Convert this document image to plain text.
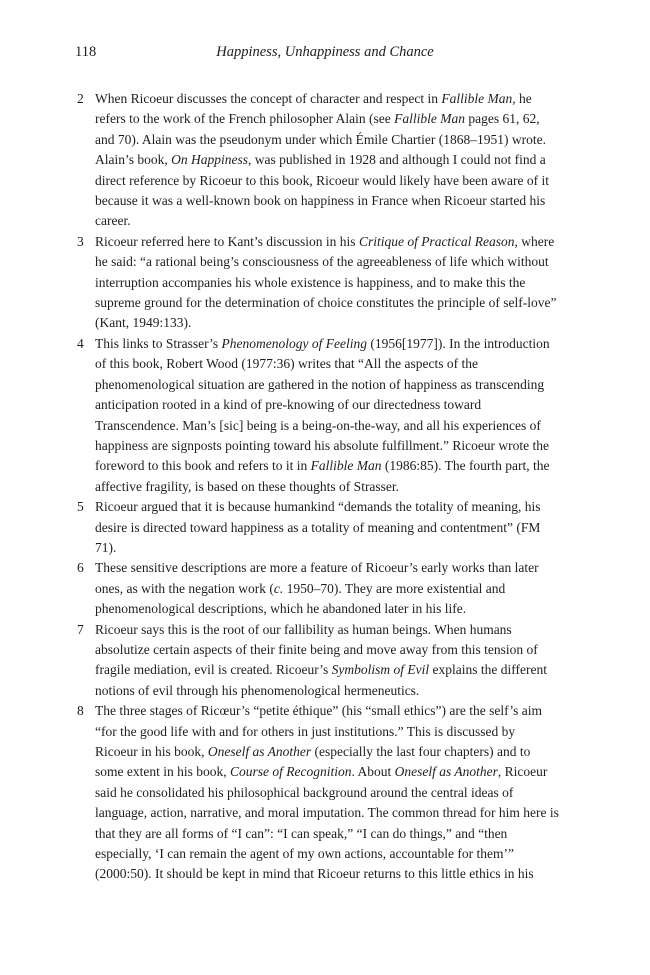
118	Happiness, Unhappiness and Chance
2 When Ricoeur discusses the concept of character and respect in Fallible Man, he refers to the work of the French philosopher Alain (see Fallible Man pages 61, 62, and 70). Alain was the pseudonym under which Émile Chartier (1868–1951) wrote. Alain’s book, On Happiness, was published in 1928 and although I could not find a direct reference by Ricoeur to this book, Ricoeur would likely have been aware of it because it was a well-known book on happiness in France when Ricoeur started his career.
3 Ricoeur referred here to Kant’s discussion in his Critique of Practical Reason, where he said: “a rational being’s consciousness of the agreeableness of life which without interruption accompanies his whole existence is happiness, and to make this the supreme ground for the determination of choice constitutes the principle of self-love” (Kant, 1949:133).
4 This links to Strasser’s Phenomenology of Feeling (1956[1977]). In the introduction of this book, Robert Wood (1977:36) writes that “All the aspects of the phenomenological situation are gathered in the notion of happiness as transcending anticipation rooted in a kind of pre-knowing of our directedness toward Transcendence. Man’s [sic] being is a being-on-the-way, and all his experiences of happiness are signposts pointing toward his absolute fulfillment.” Ricoeur wrote the foreword to this book and refers to it in Fallible Man (1986:85). The fourth part, the affective fragility, is based on these thoughts of Strasser.
5 Ricoeur argued that it is because humankind “demands the totality of meaning, his desire is directed toward happiness as a totality of meaning and contentment” (FM 71).
6 These sensitive descriptions are more a feature of Ricoeur’s early works than later ones, as with the negation work (c. 1950–70). They are more existential and phenomenological descriptions, which he abandoned later in his life.
7 Ricoeur says this is the root of our fallibility as human beings. When humans absolutize certain aspects of their finite being and move away from this tension of fragile mediation, evil is created. Ricoeur’s Symbolism of Evil explains the different notions of evil through his phenomenological hermeneutics.
8 The three stages of Ricœur’s “petite éthique” (his “small ethics”) are the self’s aim “for the good life with and for others in just institutions.” This is discussed by Ricoeur in his book, Oneself as Another (especially the last four chapters) and to some extent in his book, Course of Recognition. About Oneself as Another, Ricoeur said he consolidated his philosophical background around the central ideas of language, action, narrative, and moral imputation. The common thread for him here is that they are all forms of “I can”: “I can speak,” “I can do things,” and “then especially, ‘I can remain the agent of my own actions, accountable for them’” (2000:50). It should be kept in mind that Ricoeur returns to this little ethics in his
